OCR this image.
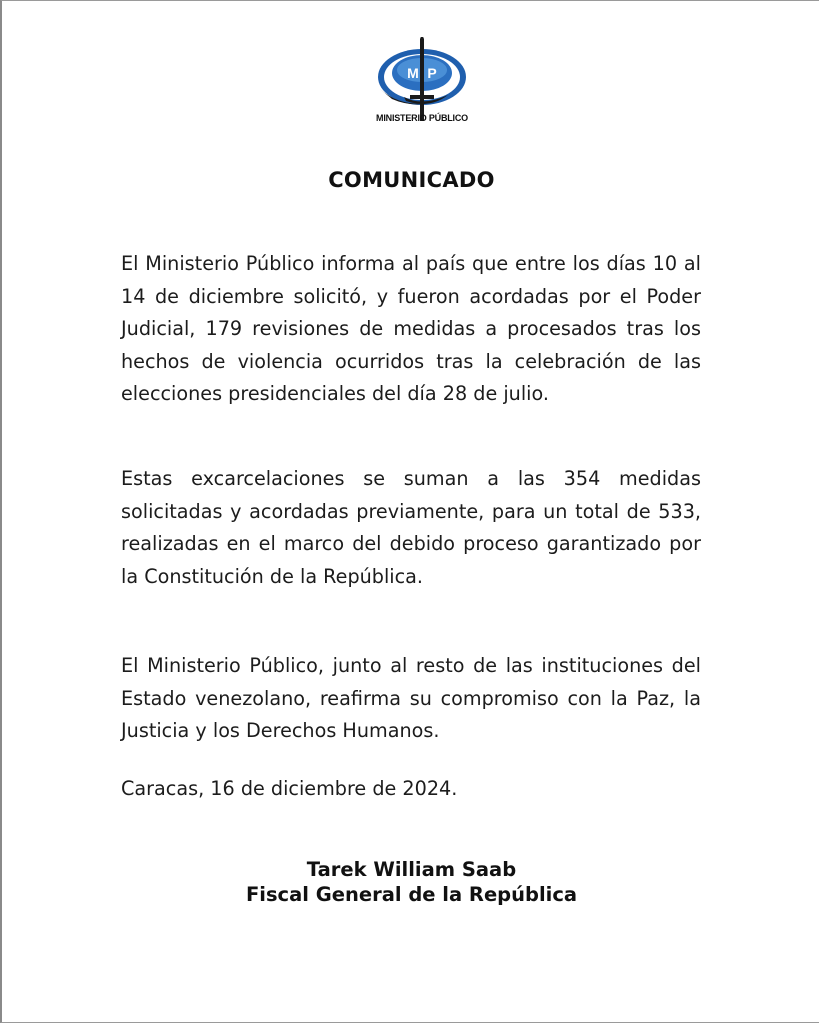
M P
MINISTERIO PÚBLICO
COMUNICADO

El Ministerio Público informa al país que entre los días 10 al 14 de diciembre solicitó, y fueron acordadas por el Poder Judicial, 179 revisiones de medidas a procesados tras los hechos de violencia ocurridos tras la celebración de las elecciones presidenciales del día 28 de julio.

Estas excarcelaciones se suman a las 354 medidas solicitadas y acordadas previamente, para un total de 533, realizadas en el marco del debido proceso garantizado por la Constitución de la República.

El Ministerio Público, junto al resto de las instituciones del Estado venezolano, reafirma su compromiso con la Paz, la Justicia y los Derechos Humanos.

Caracas, 16 de diciembre de 2024.

Tarek William Saab
Fiscal General de la República
